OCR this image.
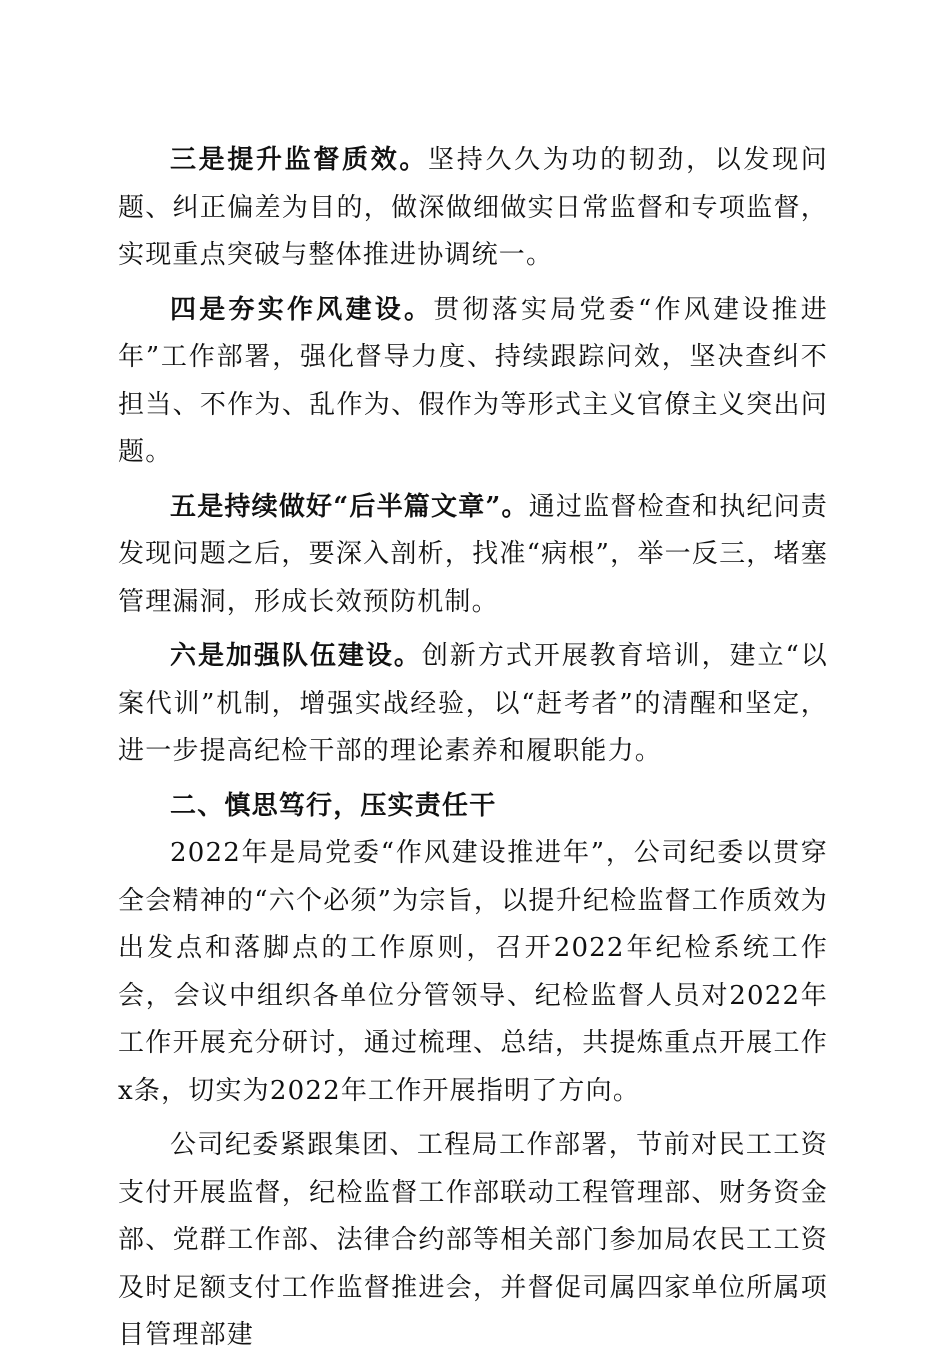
三是提升监督质效。坚持久久为功的韧劲，以发现问题、纠正偏差为目的，做深做细做实日常监督和专项监督，实现重点突破与整体推进协调统一。

四是夯实作风建设。贯彻落实局党委“作风建设推进年”工作部署，强化督导力度、持续跟踪问效，坚决查纠不担当、不作为、乱作为、假作为等形式主义官僚主义突出问题。

五是持续做好“后半篇文章”。通过监督检查和执纪问责发现问题之后，要深入剖析，找准“病根”，举一反三，堵塞管理漏洞，形成长效预防机制。

六是加强队伍建设。创新方式开展教育培训，建立“以案代训”机制，增强实战经验，以“赶考者”的清醒和坚定，进一步提高纪检干部的理论素养和履职能力。

二、慎思笃行，压实责任干

2022年是局党委“作风建设推进年”，公司纪委以贯穿全会精神的“六个必须”为宗旨，以提升纪检监督工作质效为出发点和落脚点的工作原则，召开2022年纪检系统工作会，会议中组织各单位分管领导、纪检监督人员对2022年工作开展充分研讨，通过梳理、总结，共提炼重点开展工作x条，切实为2022年工作开展指明了方向。

公司纪委紧跟集团、工程局工作部署，节前对民工工资支付开展监督，纪检监督工作部联动工程管理部、财务资金部、党群工作部、法律合约部等相关部门参加局农民工工资及时足额支付工作监督推进会，并督促司属四家单位所属项目管理部建
